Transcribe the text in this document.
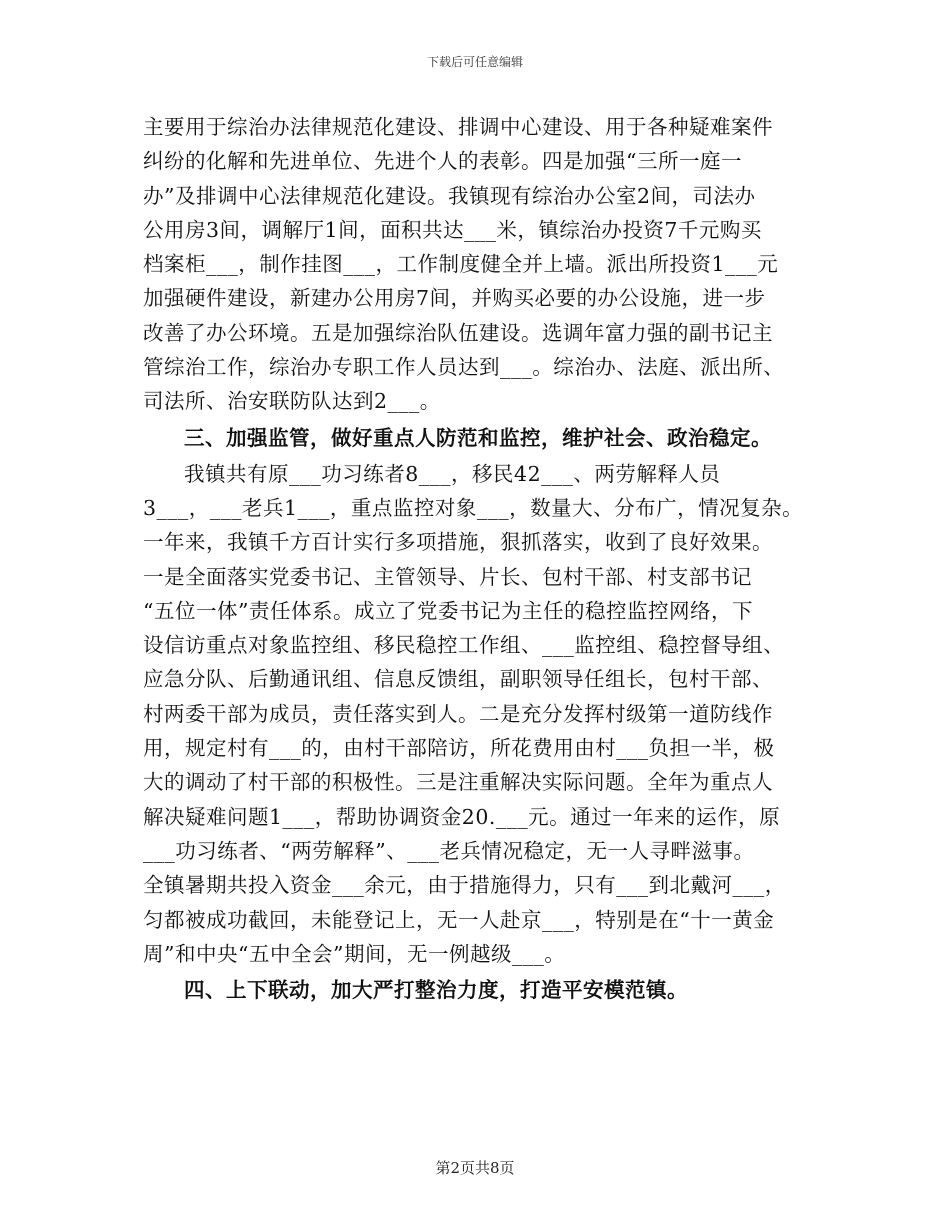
下载后可任意编辑
主要用于综治办法律规范化建设、排调中心建设、用于各种疑难案件
纠纷的化解和先进单位、先进个人的表彰。四是加强“三所一庭一
办”及排调中心法律规范化建设。我镇现有综治办公室2间，司法办
公用房3间，调解厅1间，面积共达___米，镇综治办投资7千元购买
档案柜___，制作挂图___，工作制度健全并上墙。派出所投资1___元
加强硬件建设，新建办公用房7间，并购买必要的办公设施，进一步
改善了办公环境。五是加强综治队伍建设。选调年富力强的副书记主
管综治工作，综治办专职工作人员达到___。综治办、法庭、派出所、
司法所、治安联防队达到2___。
三、加强监管，做好重点人防范和监控，维护社会、政治稳定。
我镇共有原___功习练者8___，移民42___、两劳解释人员
3___，___老兵1___，重点监控对象___，数量大、分布广，情况复杂。
一年来，我镇千方百计实行多项措施，狠抓落实，收到了良好效果。
一是全面落实党委书记、主管领导、片长、包村干部、村支部书记
“五位一体”责任体系。成立了党委书记为主任的稳控监控网络，下
设信访重点对象监控组、移民稳控工作组、___监控组、稳控督导组、
应急分队、后勤通讯组、信息反馈组，副职领导任组长，包村干部、
村两委干部为成员，责任落实到人。二是充分发挥村级第一道防线作
用，规定村有___的，由村干部陪访，所花费用由村___负担一半，极
大的调动了村干部的积极性。三是注重解决实际问题。全年为重点人
解决疑难问题1___，帮助协调资金20.___元。通过一年来的运作，原
___功习练者、“两劳解释”、___老兵情况稳定，无一人寻畔滋事。
全镇暑期共投入资金___余元，由于措施得力，只有___到北戴河___，
匀都被成功截回，未能登记上，无一人赴京___，特别是在“十一黄金
周”和中央“五中全会”期间，无一例越级___。
四、上下联动，加大严打整治力度，打造平安模范镇。
第2页共8页
